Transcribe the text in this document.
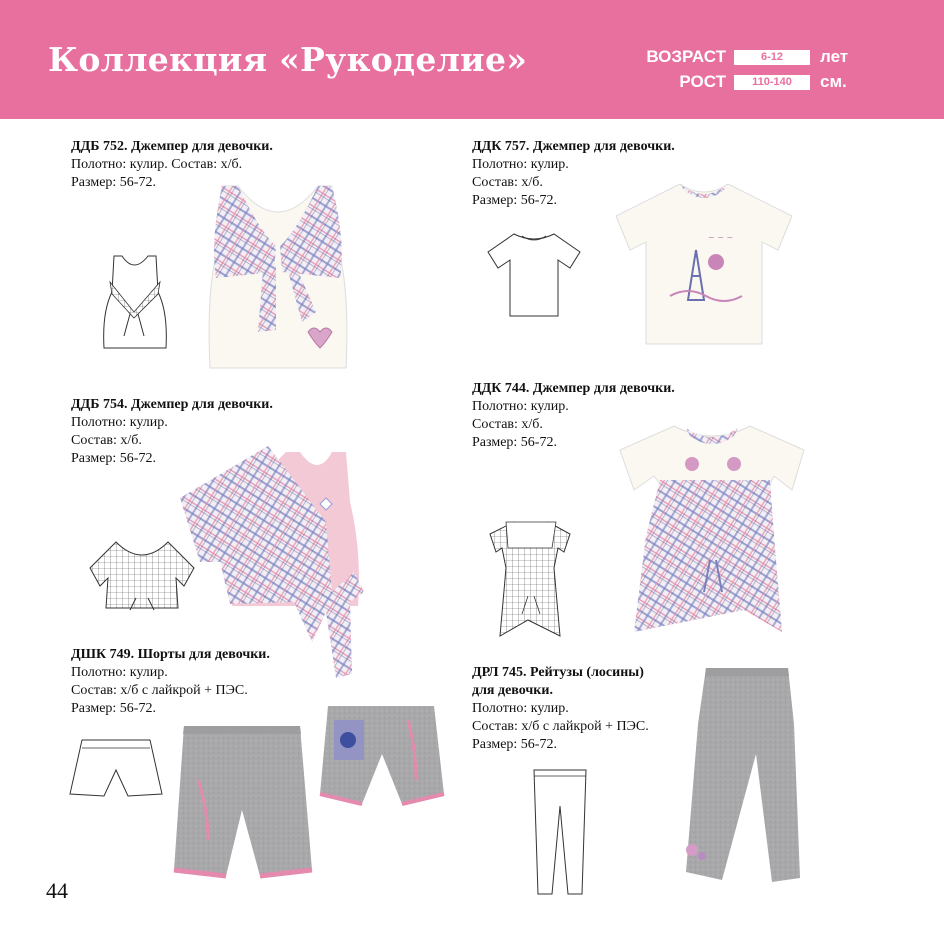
Коллекция «Рукоделие»	ВОЗРАСТ	6-12	лет
РОСТ	110-140	см.
ДДБ 752. Джемпер для девочки.
Полотно: кулир. Состав: х/б.
Размер: 56-72.
ДДК 757. Джемпер для девочки.
Полотно: кулир.
Состав: х/б.
Размер: 56-72.
~ ~ ~
ДДБ 754. Джемпер для девочки.
Полотно: кулир.
Состав: х/б.
Размер: 56-72.
ДДК 744. Джемпер для девочки.
Полотно: кулир.
Состав: х/б.
Размер: 56-72.
ДШК 749. Шорты для девочки.
Полотно: кулир.
Состав: х/б с лайкрой + ПЭС.
Размер: 56-72.
ДРЛ 745. Рейтузы (лосины)
для девочки.
Полотно: кулир.
Состав: х/б с лайкрой + ПЭС.
Размер: 56-72.
44
